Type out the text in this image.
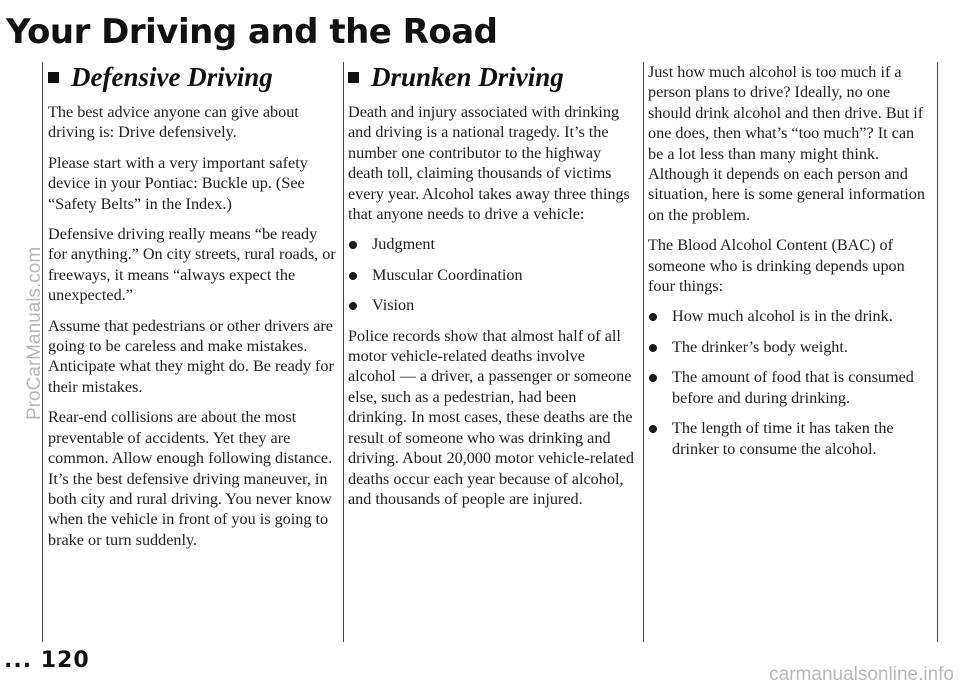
Your Driving and the Road
Defensive Driving

The best advice anyone can give about driving is: Drive defensively.

Please start with a very important safety device in your Pontiac: Buckle up. (See “Safety Belts” in the Index.)

Defensive driving really means “be ready for anything.” On city streets, rural roads, or freeways, it means “always expect the unexpected.”

Assume that pedestrians or other drivers are going to be careless and make mistakes. Anticipate what they might do. Be ready for their mistakes.

Rear-end collisions are about the most preventable of accidents. Yet they are common. Allow enough following distance. It’s the best defensive driving maneuver, in both city and rural driving. You never know when the vehicle in front of you is going to brake or turn suddenly.

Drunken Driving

Death and injury associated with drinking and driving is a national tragedy. It’s the number one contributor to the highway death toll, claiming thousands of victims every year. Alcohol takes away three things that anyone needs to drive a vehicle:

Judgment
Muscular Coordination
Vision

Police records show that almost half of all motor vehicle-related deaths involve alcohol — a driver, a passenger or someone else, such as a pedestrian, had been drinking. In most cases, these deaths are the result of someone who was drinking and driving. About 20,000 motor vehicle-related deaths occur each year because of alcohol, and thousands of people are injured.

Just how much alcohol is too much if a person plans to drive? Ideally, no one should drink alcohol and then drive. But if one does, then what’s “too much”? It can be a lot less than many might think. Although it depends on each person and situation, here is some general information on the problem.

The Blood Alcohol Content (BAC) of someone who is drinking depends upon four things:

How much alcohol is in the drink.
The drinker’s body weight.
The amount of food that is consumed before and during drinking.
The length of time it has taken the drinker to consume the alcohol.
... 120
ProCarManuals.com
carmanualsonline.info
